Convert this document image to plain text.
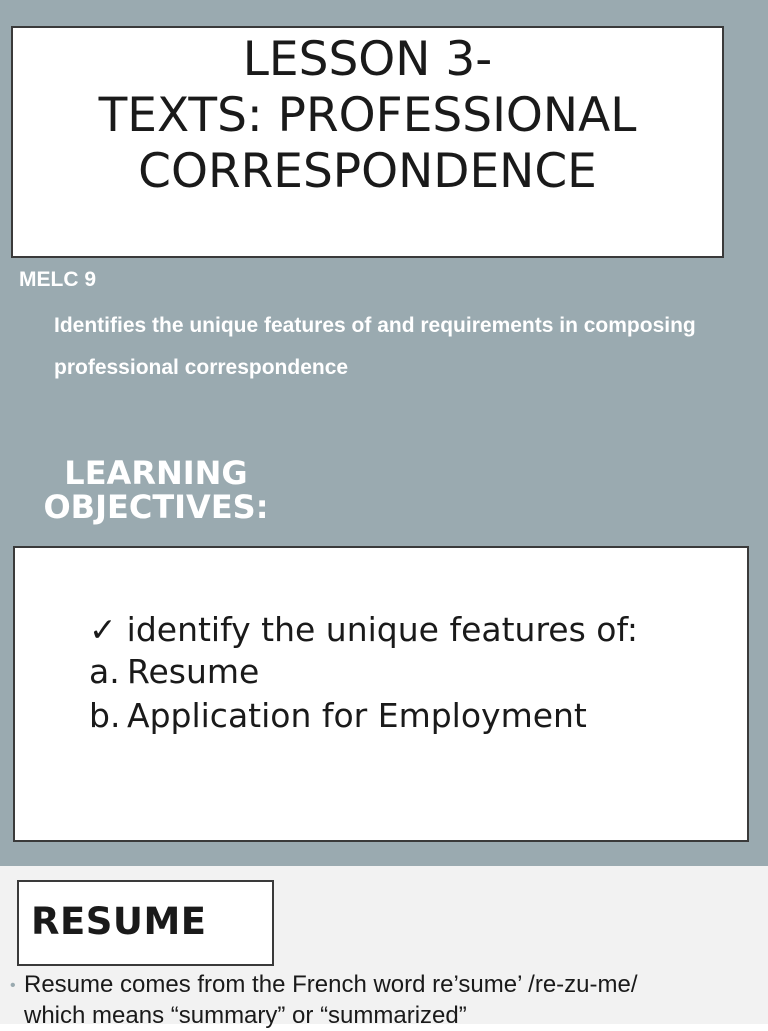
LESSON 3-
TEXTS: PROFESSIONAL
CORRESPONDENCE
MELC 9
Identifies the unique features of and requirements in composing professional correspondence
LEARNING
OBJECTIVES:
✓ identify the unique features of:
a. Resume
b. Application for Employment
RESUME
• Resume comes from the French word re’sume’ /re-zu-me/
which means “summary” or “summarized”
